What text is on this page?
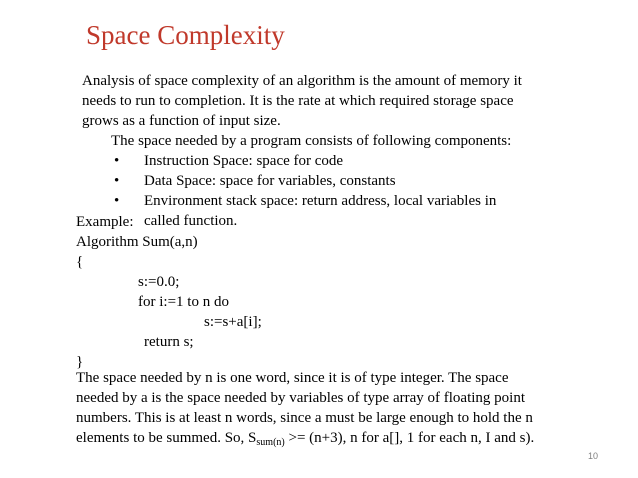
Space Complexity
Analysis of space complexity of an algorithm is the amount of memory it
needs to run to completion. It is the rate at which required storage space
grows as a function of input size.
The space needed by a program consists of following components:
• Instruction Space: space for code
• Data Space: space for variables, constants
• Environment stack space: return address, local variables in
called function.
Example:
Algorithm Sum(a,n)
{
s:=0.0;
for i:=1 to n do
s:=s+a[i];
return s;
}
The space needed by n is one word, since it is of type integer. The space
needed by a is the space needed by variables of type array of floating point
numbers. This is at least n words, since a must be large enough to hold the n
elements to be summed. So, $S_{sum(n)} >= (n+3)$, n for a[], 1 for each n, I and s).
10
